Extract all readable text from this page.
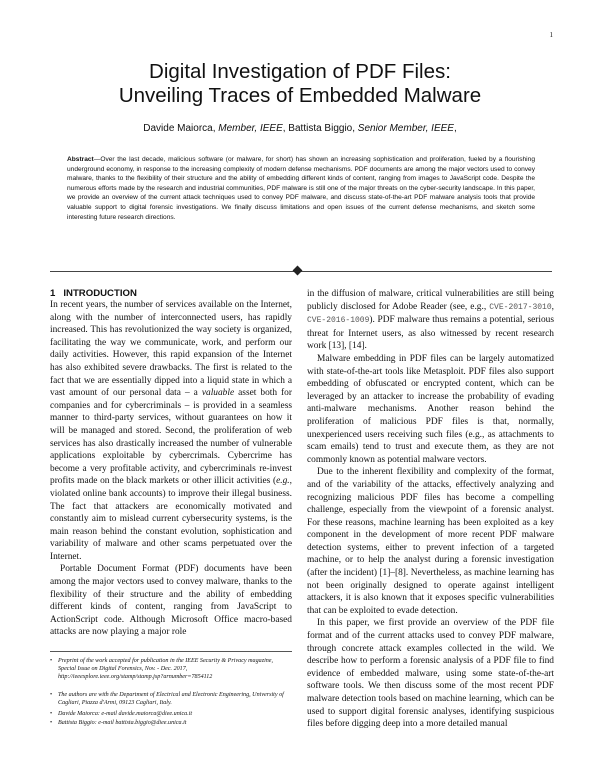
1
Digital Investigation of PDF Files:
Unveiling Traces of Embedded Malware
Davide Maiorca, Member, IEEE, Battista Biggio, Senior Member, IEEE,
Abstract—Over the last decade, malicious software (or malware, for short) has shown an increasing sophistication and proliferation, fueled by a flourishing underground economy, in response to the increasing complexity of modern defense mechanisms. PDF documents are among the major vectors used to convey malware, thanks to the flexibility of their structure and the ability of embedding different kinds of content, ranging from images to JavaScript code. Despite the numerous efforts made by the research and industrial communities, PDF malware is still one of the major threats on the cyber-security landscape. In this paper, we provide an overview of the current attack techniques used to convey PDF malware, and discuss state-of-the-art PDF malware analysis tools that provide valuable support to digital forensic investigations. We finally discuss limitations and open issues of the current defense mechanisms, and sketch some interesting future research directions.
1 INTRODUCTION

In recent years, the number of services available on the Internet, along with the number of interconnected users, has rapidly increased. This has revolutionized the way society is organized, facilitating the way we communicate, work, and perform our daily activities. However, this rapid expansion of the Internet has also exhibited severe drawbacks. The first is related to the fact that we are essentially dipped into a liquid state in which a vast amount of our personal data – a valuable asset both for companies and for cybercriminals – is provided in a seamless manner to third-party services, without guarantees on how it will be managed and stored. Second, the proliferation of web services has also drastically increased the number of vulnerable applications exploitable by cybercrimals. Cybercrime has become a very profitable activity, and cybercriminals re-invest profits made on the black markets or other illicit activities (e.g., violated online bank accounts) to improve their illegal business. The fact that attackers are economically motivated and constantly aim to mislead current cybersecurity systems, is the main reason behind the constant evolution, sophistication and variability of malware and other scams perpetuated over the Internet.

Portable Document Format (PDF) documents have been among the major vectors used to convey malware, thanks to the flexibility of their structure and the ability of embedding different kinds of content, ranging from JavaScript to ActionScript code. Although Microsoft Office macro-based attacks are now playing a major role

• Preprint of the work accepted for publication in the IEEE Security & Privacy magazine, Special Issue on Digital Forensics, Nov. - Dec. 2017, http://ieeexplore.ieee.org/stamp/stamp.jsp?arnumber=7854112
• The authors are with the Department of Electrical and Electronic Engineering, University of Cagliari, Piazza d'Armi, 09123 Cagliari, Italy.
• Davide Maiorca: e-mail davide.maiorca@diee.unica.it
• Battista Biggio: e-mail battista.biggio@diee.unica.it

in the diffusion of malware, critical vulnerabilities are still being publicly disclosed for Adobe Reader (see, e.g., CVE-2017-3010, CVE-2016-1009). PDF malware thus remains a potential, serious threat for Internet users, as also witnessed by recent research work [13], [14].

Malware embedding in PDF files can be largely automatized with state-of-the-art tools like Metasploit. PDF files also support embedding of obfuscated or encrypted content, which can be leveraged by an attacker to increase the probability of evading anti-malware mechanisms. Another reason behind the proliferation of malicious PDF files is that, normally, unexperienced users receiving such files (e.g., as attachments to scam emails) tend to trust and execute them, as they are not commonly known as potential malware vectors.

Due to the inherent flexibility and complexity of the format, and of the variability of the attacks, effectively analyzing and recognizing malicious PDF files has become a compelling challenge, especially from the viewpoint of a forensic analyst. For these reasons, machine learning has been exploited as a key component in the development of more recent PDF malware detection systems, either to prevent infection of a targeted machine, or to help the analyst during a forensic investigation (after the incident) [1]–[8]. Nevertheless, as machine learning has not been originally designed to operate against intelligent attackers, it is also known that it exposes specific vulnerabilities that can be exploited to evade detection.

In this paper, we first provide an overview of the PDF file format and of the current attacks used to convey PDF malware, through concrete attack examples collected in the wild. We describe how to perform a forensic analysis of a PDF file to find evidence of embedded malware, using some state-of-the-art software tools. We then discuss some of the most recent PDF malware detection tools based on machine learning, which can be used to support digital forensic analyses, identifying suspicious files before digging deep into a more detailed manual
